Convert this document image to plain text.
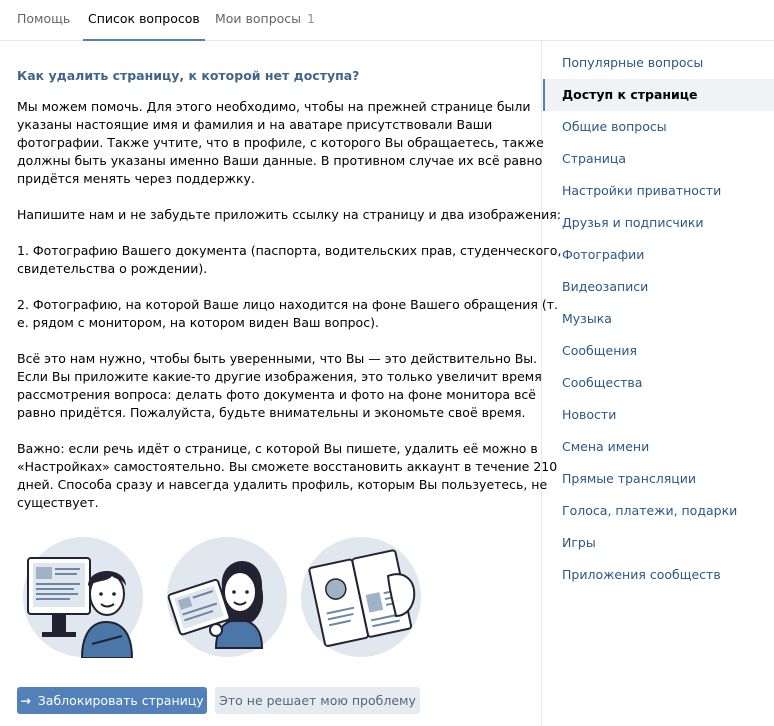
Помощь	Список вопросов	Мои вопросы 1
Как удалить страницу, к которой нет доступа?
Мы можем помочь. Для этого необходимо, чтобы на прежней странице были
указаны настоящие имя и фамилия и на аватаре присутствовали Ваши
фотографии. Также учтите, что в профиле, с которого Вы обращаетесь, также
должны быть указаны именно Ваши данные. В противном случае их всё равно
придётся менять через поддержку.
Напишите нам и не забудьте приложить ссылку на страницу и два изображения:
1. Фотографию Вашего документа (паспорта, водительских прав, студенческого,
свидетельства о рождении).
2. Фотографию, на которой Ваше лицо находится на фоне Вашего обращения (т.
е. рядом с монитором, на котором виден Ваш вопрос).
Всё это нам нужно, чтобы быть уверенными, что Вы — это действительно Вы.
Если Вы приложите какие-то другие изображения, это только увеличит время
рассмотрения вопроса: делать фото документа и фото на фоне монитора всё
равно придётся. Пожалуйста, будьте внимательны и экономьте своё время.
Важно: если речь идёт о странице, с которой Вы пишете, удалить её можно в
«Настройках» самостоятельно. Вы сможете восстановить аккаунт в течение 210
дней. Способа сразу и навсегда удалить профиль, которым Вы пользуетесь, не
существует.
→ Заблокировать страницу	Это не решает мою проблему
Популярные вопросы
Доступ к странице
Общие вопросы
Страница
Настройки приватности
Друзья и подписчики
Фотографии
Видеозаписи
Музыка
Сообщения
Сообщества
Новости
Смена имени
Прямые трансляции
Голоса, платежи, подарки
Игры
Приложения сообществ
